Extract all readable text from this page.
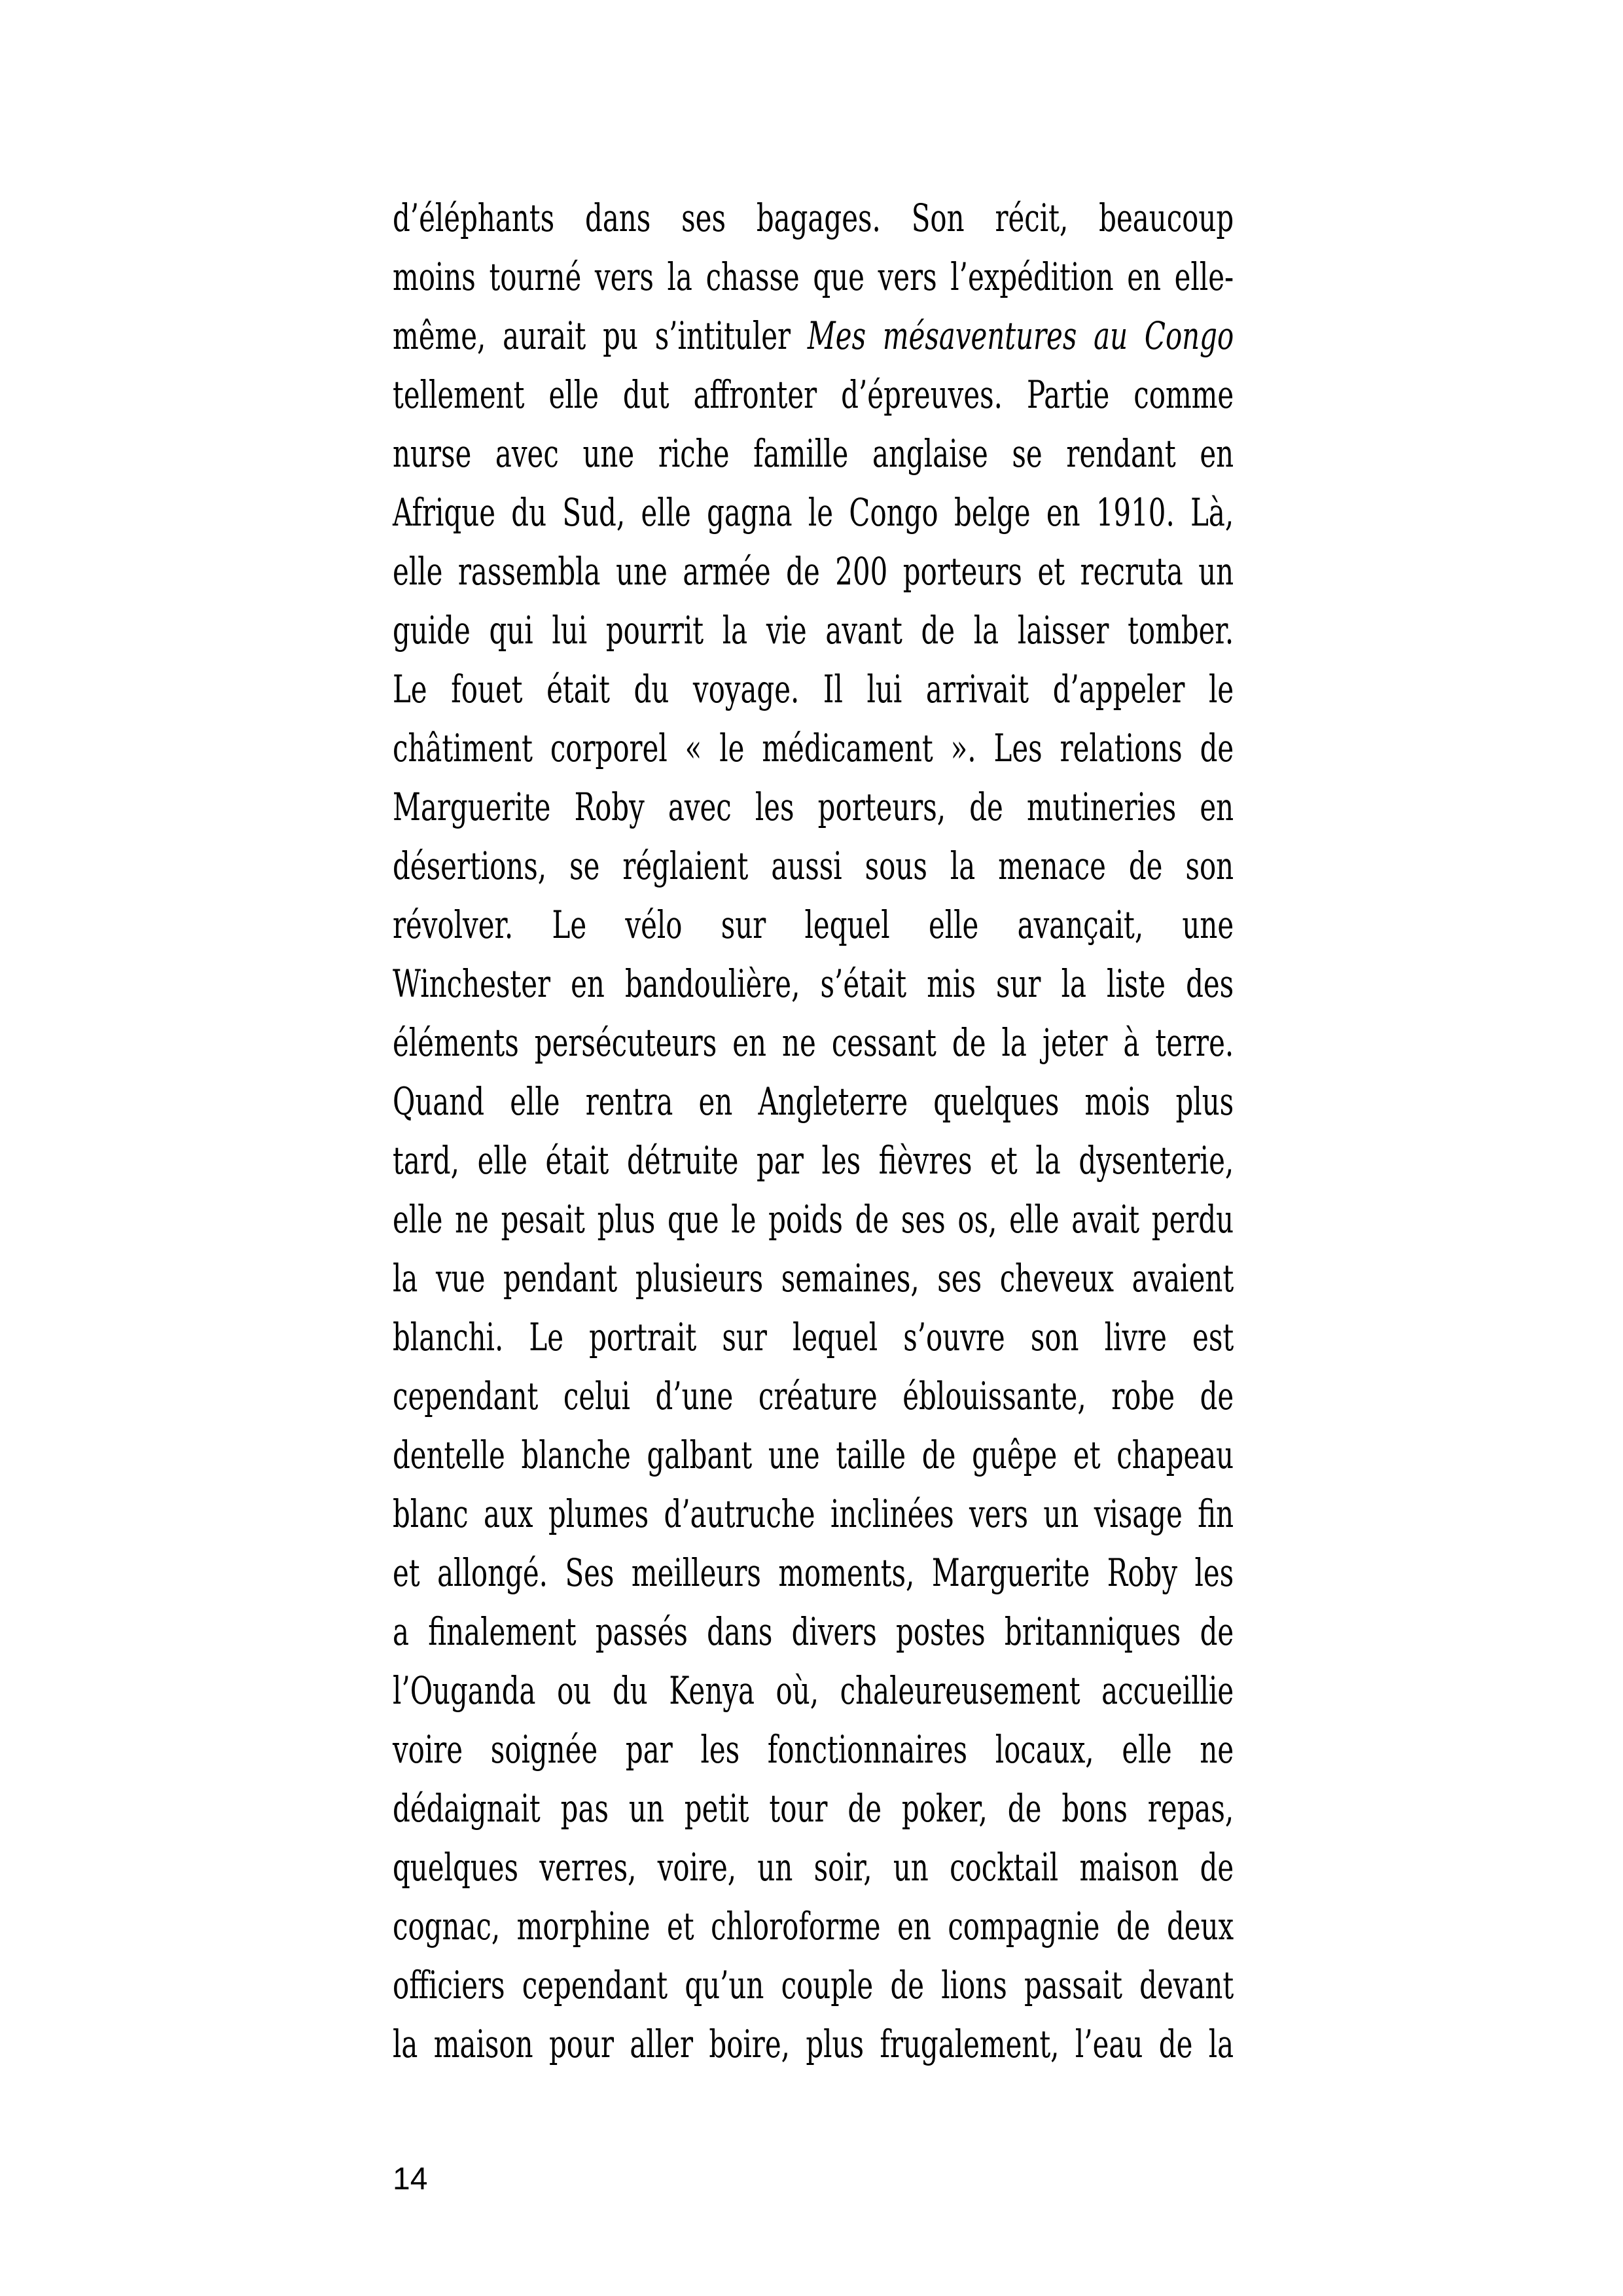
d’éléphants dans ses bagages. Son récit, beaucoup
moins tourné vers la chasse que vers l’expédition en elle-
même, aurait pu s’intituler Mes mésaventures au Congo
tellement elle dut affronter d’épreuves. Partie comme
nurse avec une riche famille anglaise se rendant en
Afrique du Sud, elle gagna le Congo belge en 1910. Là,
elle rassembla une armée de 200 porteurs et recruta un
guide qui lui pourrit la vie avant de la laisser tomber.
Le fouet était du voyage. Il lui arrivait d’appeler le
châtiment corporel « le médicament ». Les relations de
Marguerite Roby avec les porteurs, de mutineries en
désertions, se réglaient aussi sous la menace de son
révolver. Le vélo sur lequel elle avançait, une
Winchester en bandoulière, s’était mis sur la liste des
éléments persécuteurs en ne cessant de la jeter à terre.
Quand elle rentra en Angleterre quelques mois plus
tard, elle était détruite par les fièvres et la dysenterie,
elle ne pesait plus que le poids de ses os, elle avait perdu
la vue pendant plusieurs semaines, ses cheveux avaient
blanchi. Le portrait sur lequel s’ouvre son livre est
cependant celui d’une créature éblouissante, robe de
dentelle blanche galbant une taille de guêpe et chapeau
blanc aux plumes d’autruche inclinées vers un visage fin
et allongé. Ses meilleurs moments, Marguerite Roby les
a finalement passés dans divers postes britanniques de
l’Ouganda ou du Kenya où, chaleureusement accueillie
voire soignée par les fonctionnaires locaux, elle ne
dédaignait pas un petit tour de poker, de bons repas,
quelques verres, voire, un soir, un cocktail maison de
cognac, morphine et chloroforme en compagnie de deux
officiers cependant qu’un couple de lions passait devant
la maison pour aller boire, plus frugalement, l’eau de la
14
